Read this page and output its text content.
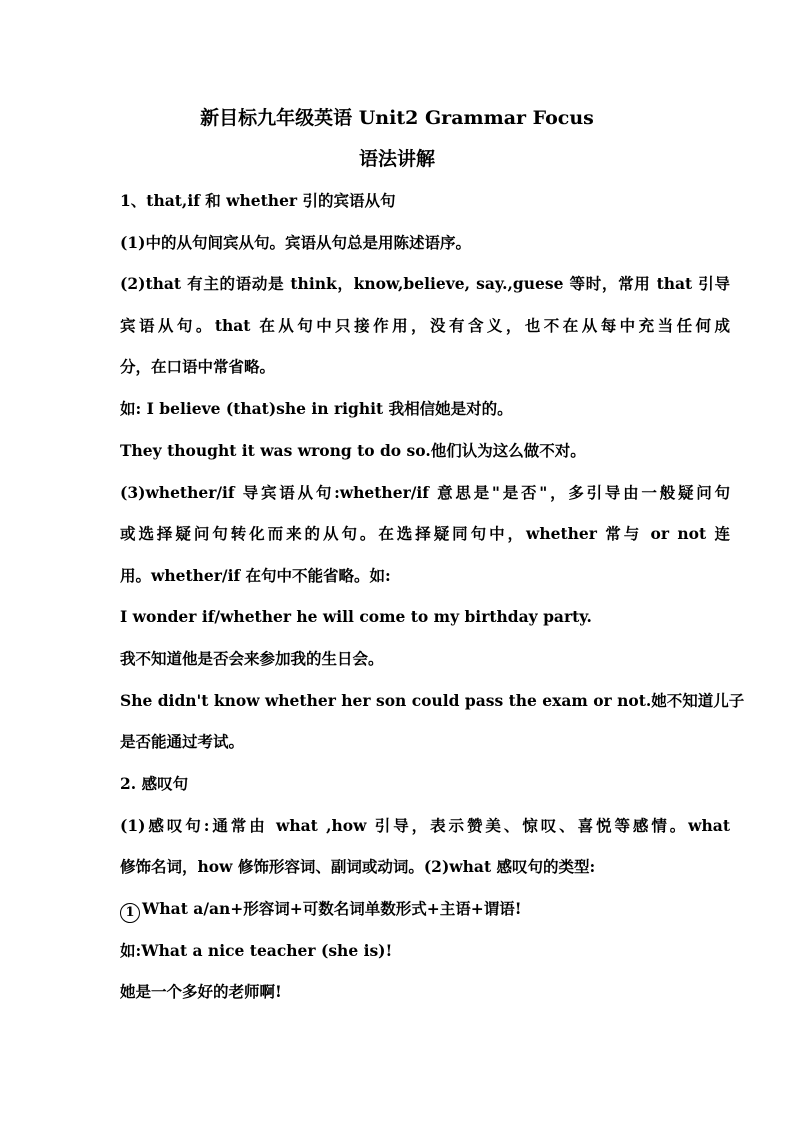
新目标九年级英语 Unit2 Grammar Focus
语法讲解
1、that,if 和 whether 引的宾语从句
(1)中的从句间宾从句。宾语从句总是用陈述语序。
(2)that 有主的语动是 think，know,believe, say.,guese 等时，常用 that 引导
宾语从句。that 在从句中只接作用，没有含义，也不在从每中充当任何成
分，在口语中常省略。
如: I believe (that)she in righit 我相信她是对的。
They thought it was wrong to do so.他们认为这么做不对。
(3)whether/if 导宾语从句:whether/if 意思是"是否"，多引导由一般疑问句
或选择疑问句转化而来的从句。在选择疑同句中，whether 常与 or not 连
用。whether/if 在句中不能省略。如:
I wonder if/whether he will come to my birthday party.
我不知道他是否会来参加我的生日会。
She didn't know whether her son could pass the exam or not.她不知道儿子
是否能通过考试。
2. 感叹句
(1)感叹句:通常由 what ,how 引导，表示赞美、惊叹、喜悦等感情。what
修饰名词，how 修饰形容词、副词或动词。(2)what 感叹句的类型:
1 What a/an+形容词+可数名词单数形式+主语+谓语!
如:What a nice teacher (she is)!
她是一个多好的老师啊!
